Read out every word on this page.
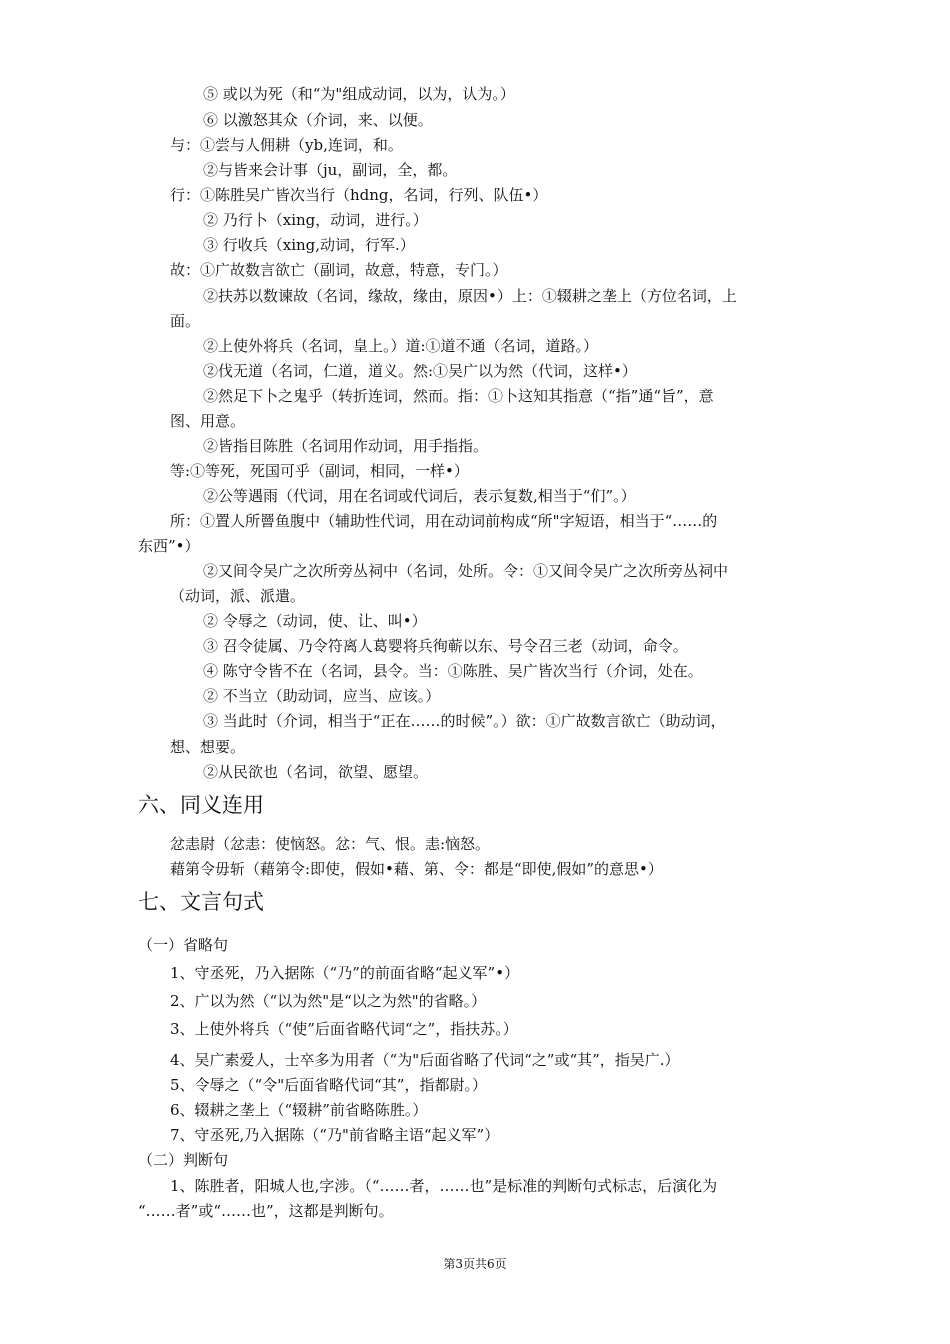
⑤ 或以为死（和“为"组成动词，以为，认为。）
⑥ 以激怒其众（介词，来、以便。
与：①尝与人佣耕（yb,连词，和。
②与皆来会计事（ju，副词，全，都。
行：①陈胜吴广皆次当行（hdng，名词，行列、队伍•）
② 乃行卜（xing，动词，进行。）
③ 行收兵（xing,动词，行军.）
故：①广故数言欲亡（副词，故意，特意，专门。）
②扶苏以数谏故（名词，缘故，缘由，原因•）上：①辍耕之垄上（方位名词，上
面。
②上使外将兵（名词，皇上。）道:①道不通（名词，道路。）
②伐无道（名词，仁道，道义。然:①吴广以为然（代词，这样•）
②然足下卜之鬼乎（转折连词，然而。指：①卜这知其指意（“指”通“旨”，意
图、用意。
②皆指目陈胜（名词用作动词，用手指指。
等:①等死，死国可乎（副词，相同，一样•）
②公等遇雨（代词，用在名词或代词后，表示复数,相当于“们”。）
所：①置人所罾鱼腹中（辅助性代词，用在动词前构成“所"字短语，相当于“……的
东西”•）
②又间令吴广之次所旁丛祠中（名词，处所。令：①又间令吴广之次所旁丛祠中
（动词，派、派遣。
② 令辱之（动词，使、让、叫•）
③ 召令徒属、乃令符离人葛婴将兵徇蕲以东、号令召三老（动词，命令。
④ 陈守令皆不在（名词，县令。当：①陈胜、吴广皆次当行（介词，处在。
② 不当立（助动词，应当、应该。）
③ 当此时（介词，相当于“正在……的时候”。）欲：①广故数言欲亡（助动词，
想、想要。
②从民欲也（名词，欲望、愿望。
六、同义连用
忿恚尉（忿恚：使恼怒。忿：气、恨。恚:恼怒。
藉第令毋斩（藉第令:即使，假如•藉、第、令：都是“即使,假如”的意思•）
七、文言句式
（一）省略句
1、守丞死，乃入据陈（“乃”的前面省略“起义军”•）
2、广以为然（“以为然"是“以之为然"的省略。）
3、上使外将兵（“使”后面省略代词“之”，指扶苏。）
4、吴广素爱人，士卒多为用者（“为"后面省略了代词“之”或“其”，指吴广.）
5、令辱之（“令"后面省略代词“其”，指都尉。）
6、辍耕之垄上（“辍耕”前省略陈胜。）
7、守丞死,乃入据陈（“乃"前省略主语“起义军”）
（二）判断句
1、陈胜者，阳城人也,字涉。（“……者，……也”是标准的判断句式标志，后演化为
“……者”或“……也”，这都是判断句。
第3页共6页
